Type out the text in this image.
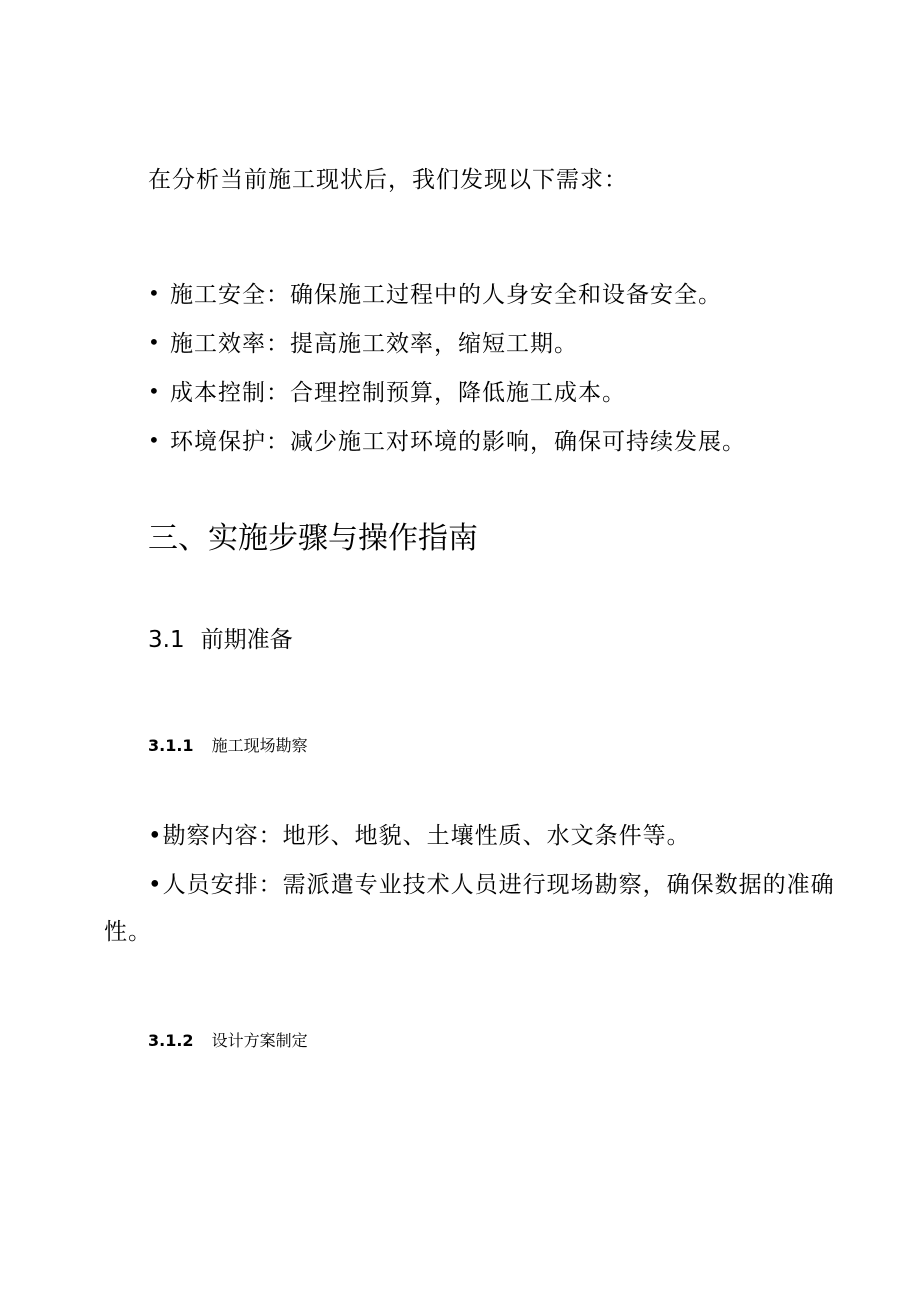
在分析当前施工现状后，我们发现以下需求：

• 施工安全： 确保施工过程中的人身安全和设备安全。
• 施工效率： 提高施工效率，缩短工期。
• 成本控制： 合理控制预算，降低施工成本。
• 环境保护： 减少施工对环境的影响，确保可持续发展。
三、实施步骤与操作指南
3.1 前期准备
3.1.1 施工现场勘察

•勘察内容：地形、地貌、土壤性质、水文条件等。

•人员安排：需派遣专业技术人员进行现场勘察，确保数据的准确

性。

3.1.2 设计方案制定
